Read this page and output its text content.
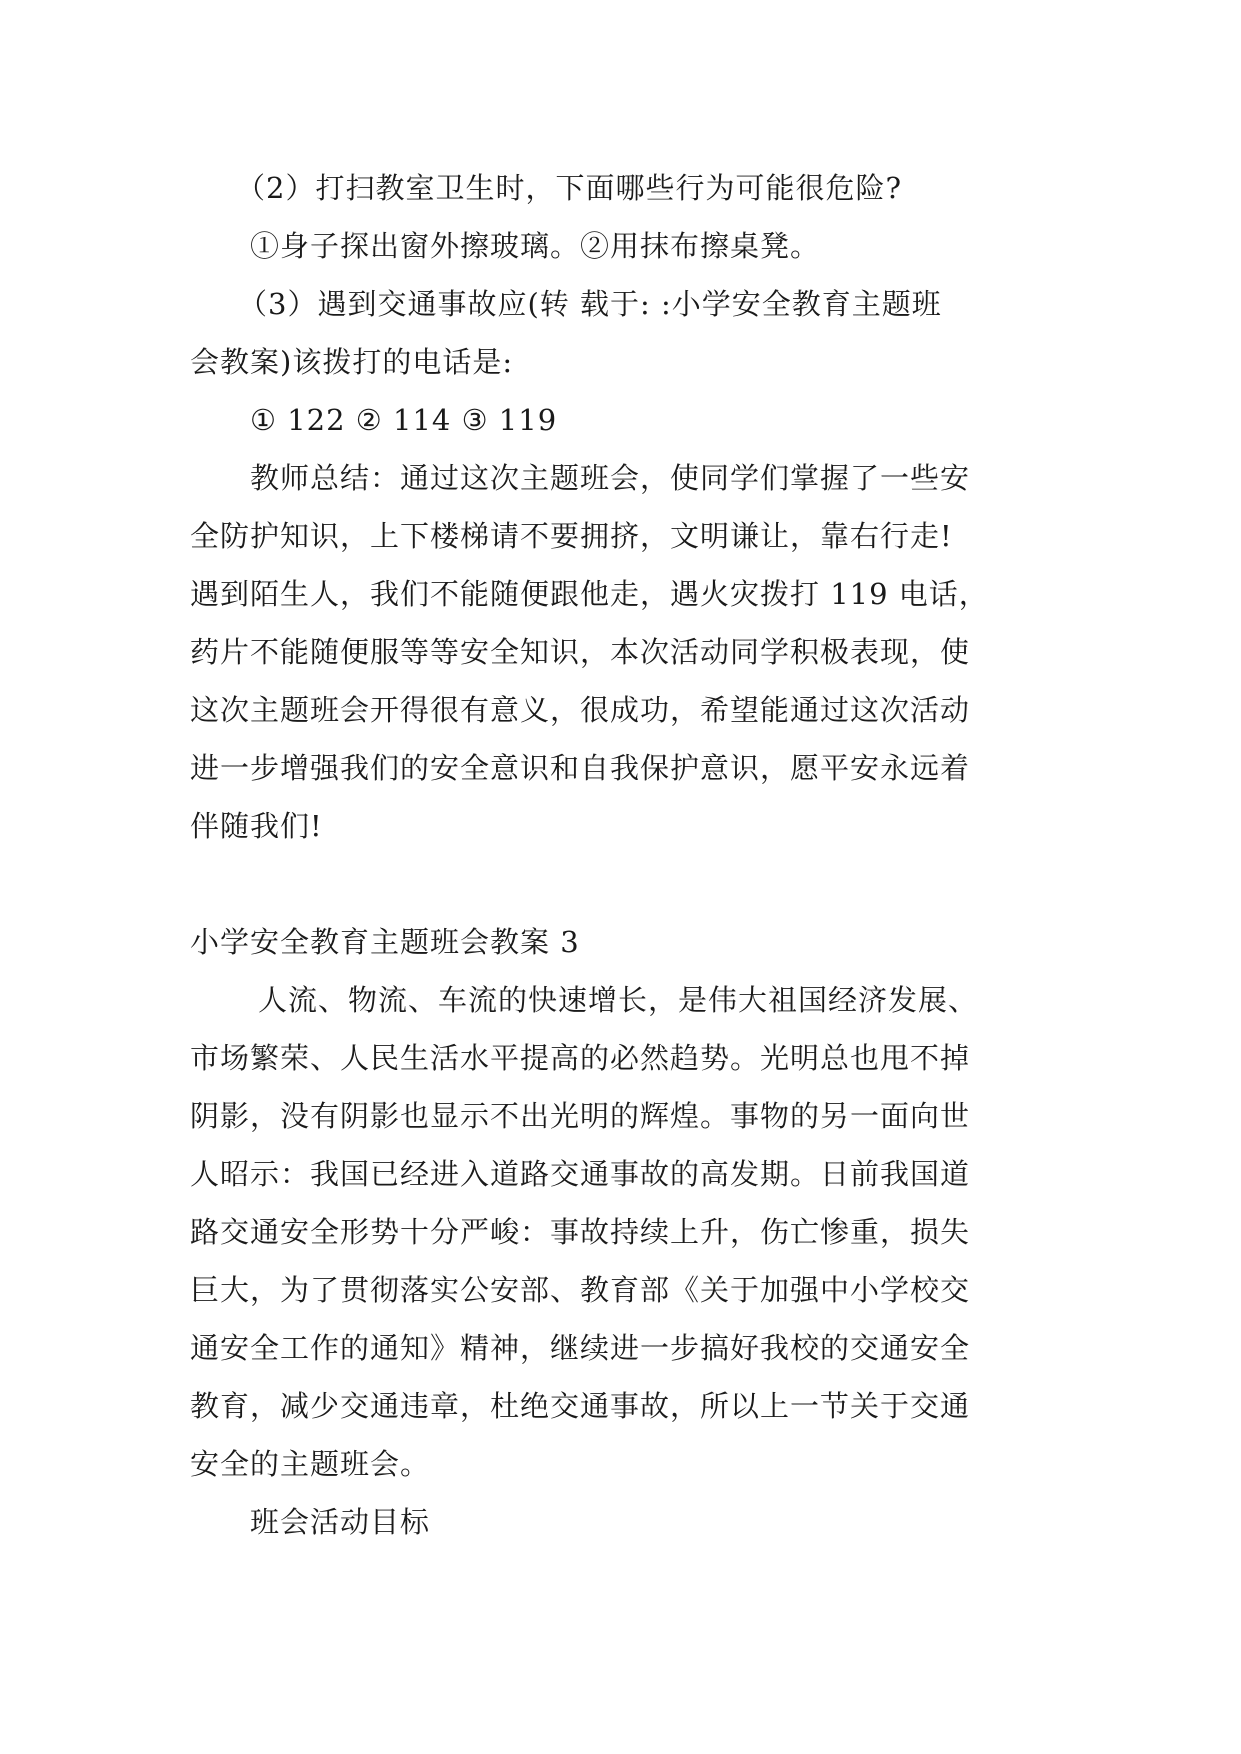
（2）打扫教室卫生时，下面哪些行为可能很危险?

①身子探出窗外擦玻璃。②用抹布擦桌凳。

（3）遇到交通事故应(转 载于: :小学安全教育主题班

会教案)该拨打的电话是:

① 122 ② 114 ③ 119

教师总结：通过这次主题班会，使同学们掌握了一些安

全防护知识，上下楼梯请不要拥挤，文明谦让，靠右行走!

遇到陌生人，我们不能随便跟他走，遇火灾拨打 119 电话，

药片不能随便服等等安全知识，本次活动同学积极表现，使

这次主题班会开得很有意义，很成功，希望能通过这次活动

进一步增强我们的安全意识和自我保护意识，愿平安永远着

伴随我们!

小学安全教育主题班会教案 3

人流、物流、车流的快速增长，是伟大祖国经济发展、

市场繁荣、人民生活水平提高的必然趋势。光明总也甩不掉

阴影，没有阴影也显示不出光明的辉煌。事物的另一面向世

人昭示：我国已经进入道路交通事故的高发期。日前我国道

路交通安全形势十分严峻：事故持续上升，伤亡惨重，损失

巨大，为了贯彻落实公安部、教育部《关于加强中小学校交

通安全工作的通知》精神，继续进一步搞好我校的交通安全

教育，减少交通违章，杜绝交通事故，所以上一节关于交通

安全的主题班会。

班会活动目标
